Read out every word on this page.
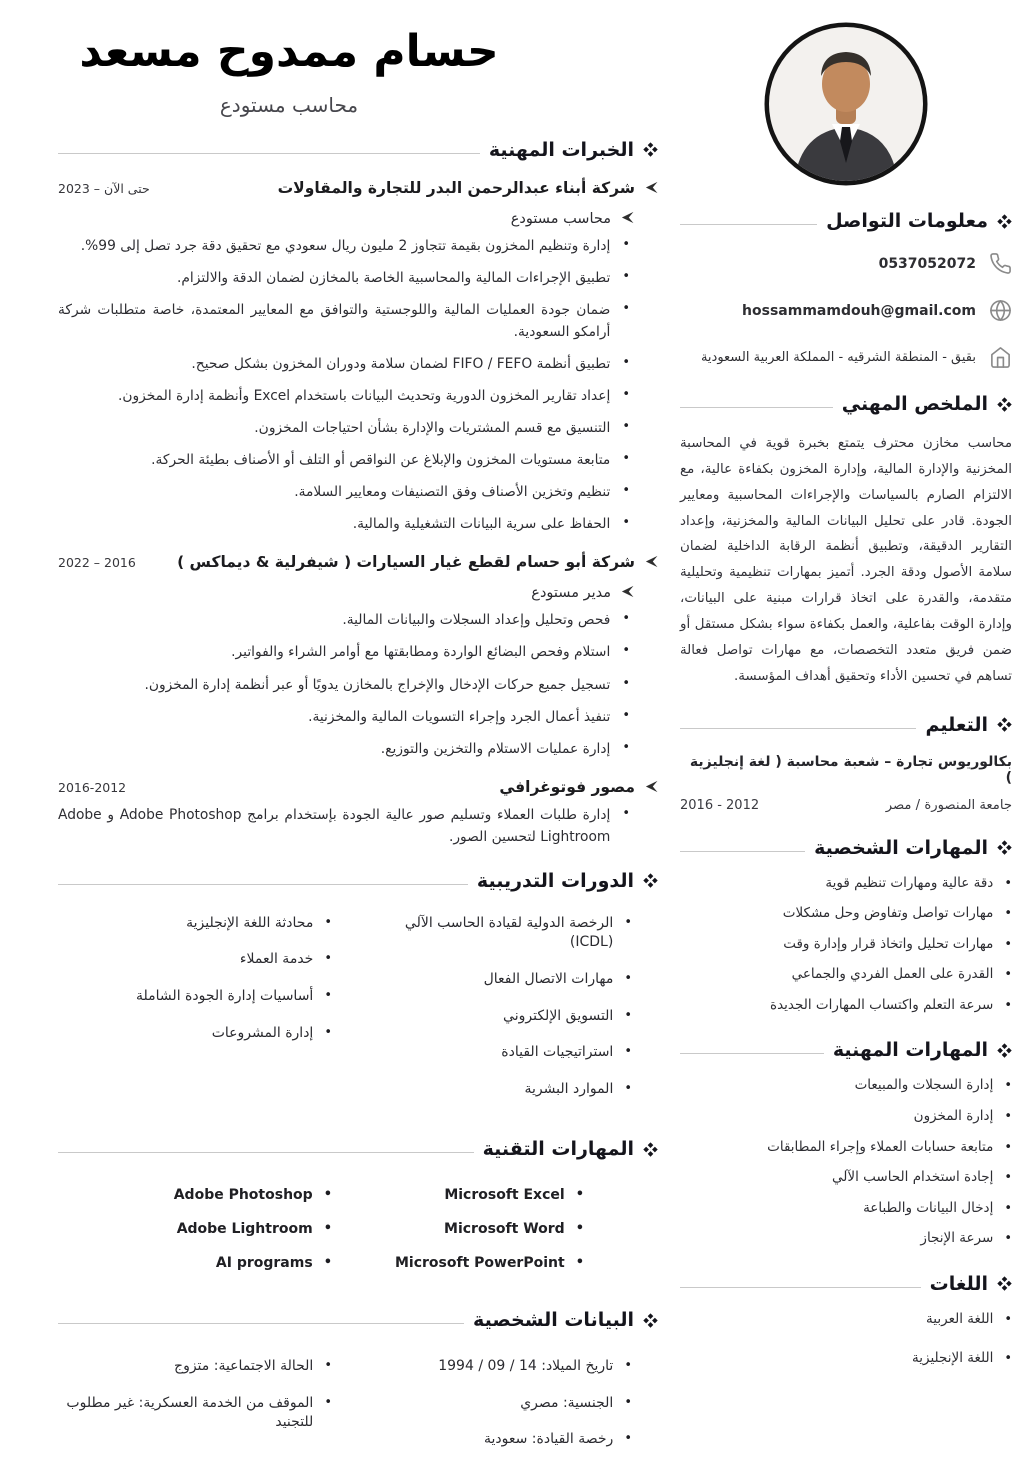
معلومات التواصل
0537052072
hossammamdouh@gmail.com
بقيق - المنطقة الشرقيه - المملكة العربية السعودية
الملخص المهني

محاسب مخازن محترف يتمتع بخبرة قوية في المحاسبة المخزنية والإدارة المالية، وإدارة المخزون بكفاءة عالية، مع الالتزام الصارم بالسياسات والإجراءات المحاسبية ومعايير الجودة. قادر على تحليل البيانات المالية والمخزنية، وإعداد التقارير الدقيقة، وتطبيق أنظمة الرقابة الداخلية لضمان سلامة الأصول ودقة الجرد. أتميز بمهارات تنظيمية وتحليلية متقدمة، والقدرة على اتخاذ قرارات مبنية على البيانات، وإدارة الوقت بفاعلية، والعمل بكفاءة سواء بشكل مستقل أو ضمن فريق متعدد التخصصات، مع مهارات تواصل فعالة تساهم في تحسين الأداء وتحقيق أهداف المؤسسة.

التعليم
بكالوريوس تجارة – شعبة محاسبة ( لغة إنجليزية )
جامعة المنصورة / مصر
2016 - 2012
المهارات الشخصية
• دقة عالية ومهارات تنظيم قوية
• مهارات تواصل وتفاوض وحل مشكلات
• مهارات تحليل واتخاذ قرار وإدارة وقت
• القدرة على العمل الفردي والجماعي
• سرعة التعلم واكتساب المهارات الجديدة
المهارات المهنية
• إدارة السجلات والمبيعات
• إدارة المخزون
• متابعة حسابات العملاء وإجراء المطابقات
• إجادة استخدام الحاسب الآلي
• إدخال البيانات والطباعة
• سرعة الإنجاز
اللغات
• اللغة العربية
• اللغة الإنجليزية
حسام ممدوح مسعد
محاسب مستودع
الخبرات المهنية
شركة أبناء عبدالرحمن البدر للتجارة والمقاولات
2023 – حتى الآن
محاسب مستودع
• إدارة وتنظيم المخزون بقيمة تتجاوز 2 مليون ريال سعودي مع تحقيق دقة جرد تصل إلى 99%.
• تطبيق الإجراءات المالية والمحاسبية الخاصة بالمخازن لضمان الدقة والالتزام.
• ضمان جودة العمليات المالية واللوجستية والتوافق مع المعايير المعتمدة، خاصة متطلبات شركة أرامكو السعودية.
• تطبيق أنظمة ‪FIFO / FEFO‬ لضمان سلامة ودوران المخزون بشكل صحيح.
• إعداد تقارير المخزون الدورية وتحديث البيانات باستخدام Excel وأنظمة إدارة المخزون.
• التنسيق مع قسم المشتريات والإدارة بشأن احتياجات المخزون.
• متابعة مستويات المخزون والإبلاغ عن النواقص أو التلف أو الأصناف بطيئة الحركة.
• تنظيم وتخزين الأصناف وفق التصنيفات ومعايير السلامة.
• الحفاظ على سرية البيانات التشغيلية والمالية.
شركة أبو حسام لقطع غيار السيارات ( شيفرلية & ديماكس )
2022 – 2016
مدير مستودع
• فحص وتحليل وإعداد السجلات والبيانات المالية.
• استلام وفحص البضائع الواردة ومطابقتها مع أوامر الشراء والفواتير.
• تسجيل جميع حركات الإدخال والإخراج بالمخازن يدويًا أو عبر أنظمة إدارة المخزون.
• تنفيذ أعمال الجرد وإجراء التسويات المالية والمخزنية.
• إدارة عمليات الاستلام والتخزين والتوزيع.
مصور فوتوغرافي
2016-2012
• إدارة طلبات العملاء وتسليم صور عالية الجودة بإستخدام برامج Adobe Photoshop و Adobe Lightroom لتحسين الصور.
الدورات التدريبية
• الرخصة الدولية لقيادة الحاسب الآلي (ICDL)
• مهارات الاتصال الفعال
• التسويق الإلكتروني
• استراتيجيات القيادة
• الموارد البشرية
• محادثة اللغة الإنجليزية
• خدمة العملاء
• أساسيات إدارة الجودة الشاملة
• إدارة المشروعات
المهارات التقنية
• Microsoft Excel
• Microsoft Word
• Microsoft PowerPoint
• Adobe Photoshop
• Adobe Lightroom
• AI programs
البيانات الشخصية
• تاريخ الميلاد: 14 / 09 / 1994
• الجنسية: مصري
• رخصة القيادة: سعودية
• الحالة الاجتماعية: متزوج
• الموقف من الخدمة العسكرية: غير مطلوب للتجنيد
